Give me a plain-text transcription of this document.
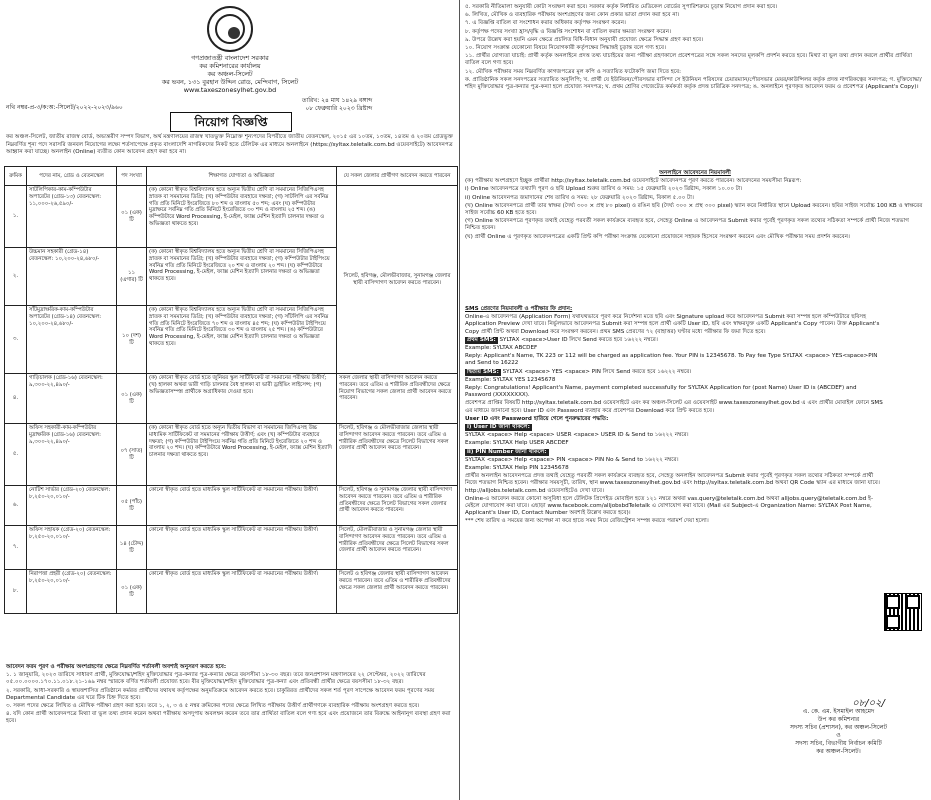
গণপ্রজাতন্ত্রী বাংলাদেশ সরকার
কর কমিশনারের কার্যালয়
কর অঞ্চল-সিলেট
কর ভবন, ১৩১ বুরহান উদ্দিন রোড, মেন্দিবাগ, সিলেট
www.taxeszonesylhet.gov.bd
নথি নম্বর-প্র-৩/ক:অ:-সিলেট/২০২২-২০২৩/৯৬০
তারিখ: ২৪ মাঘ ১৪২৯ বঙ্গাব্দ
০৮ ফেব্রুয়ারি ২০২৩ খ্রিষ্টাব্দ
নিয়োগ বিজ্ঞপ্তি
কর অঞ্চল-সিলেট, জাতীয় রাজস্ব বোর্ড, অভ্যন্তরীণ সম্পদ বিভাগ, অর্থ মন্ত্রণালয়ের রাজস্ব খাতভুক্ত নিম্নোক্ত শূন্যপদের বিপরীতে জাতীয় বেতনস্কেল, ২০১৫ এর ১০তম, ১৩তম, ১৪তম ও ২০তম গ্রেডভুক্ত নিম্নবর্ণিত শূন্য পদে সরাসরি জনবল নিয়োগের লক্ষ্যে শর্তসাপেক্ষে প্রকৃত বাংলাদেশি নাগরিকদের নিকট হতে টেলিটক এর মাধ্যমে অনলাইনে (https://syltax.teletalk.com.bd ওয়েবসাইটে) আবেদনপত্র আহ্বান করা যাচ্ছে। অনলাইন (Online) ব্যতীত কোন আবেদন গ্রহণ করা হবে না।
ক্রমিক	পদের নাম, গ্রেড ও বেতনস্কেল	পদ সংখ্যা	শিক্ষাগত যোগ্যতা ও অভিজ্ঞতা	যে সকল জেলার প্রার্থীগণ আবেদন করতে পারবেন
১.	সাটলিপিকার-কাম-কম্পিউটার অপারেটর (গ্রেড-১৩) বেতনস্কেল: ১১,০০০-২৬,৫৯০/-	০১ (এক) টি	(ক) কোনো স্বীকৃত বিশ্ববিদ্যালয় হতে অন্যূন দ্বিতীয় শ্রেণি বা সমমানের সিজিপিএসহ স্নাতক বা সমমানের ডিগ্রি; (খ) কম্পিউটার ব্যবহারে দক্ষতা; (গ) সাটলিপি এর সর্বনিম্ন গতি প্রতি মিনিটে ইংরেজিতে ৮০ শব্দ ও বাংলায় ৫০ শব্দ; এবং (ঘ) কম্পিউটার মুদ্রাক্ষরে সর্বনিম্ন গতি প্রতি মিনিটে ইংরেজিতে ৩০ শব্দ ও বাংলায় ২৫ শব্দ। (ঙ) কম্পিউটারে Word Processing, ই-মেইল, ফ্যাক্স মেশিন ইত্যাদি চালনার দক্ষতা ও অভিজ্ঞতা থাকতে হবে।	সিলেট, হবিগঞ্জ, মৌলভীবাজার, সুনামগঞ্জ জেলার স্থায়ী বাসিন্দাগণ আবেদন করতে পারবেন।
২.	উচ্চমান সহকারী (গ্রেড-১৪) বেতনস্কেল: ১০,২০০-২৪,৬৮০/-	১১ (এগার) টি	(ক) কোনো স্বীকৃত বিশ্ববিদ্যালয় হতে অন্যূন দ্বিতীয় শ্রেণি বা সমমানের সিজিপিএসহ স্নাতক বা সমমানের ডিগ্রি; (খ) কম্পিউটার ব্যবহারে দক্ষতা; (গ) কম্পিউটার টাইপিংয়ে সর্বনিম্ন গতি প্রতি মিনিটে ইংরেজিতে ২০ শব্দ ও বাংলায় ২০ শব্দ। (ঘ) কম্পিউটারে Word Processing, ই-মেইল, ফ্যাক্স মেশিন ইত্যাদি চালনার দক্ষতা ও অভিজ্ঞতা থাকতে হবে।	
৩.	সাঁটমুদ্রাক্ষরিক-কাম-কম্পিউটার অপারেটর (গ্রেড-১৪) বেতনস্কেল: ১০,২০০-২৪,৬৮০/-	১০ (দশ) টি	(ক) কোনো স্বীকৃত বিশ্ববিদ্যালয় হতে অন্যূন দ্বিতীয় শ্রেণি বা সমমানের সিজিপিএসহ স্নাতক বা সমমানের ডিগ্রি; (খ) কম্পিউটার ব্যবহারে দক্ষতা; (গ) সাঁটলিপি এর সর্বনিম্ন গতি প্রতি মিনিটে ইংরেজিতে ৭০ শব্দ ও বাংলায় ৪৫ শব্দ; (ঘ) কম্পিউটার টাইপিংয়ে সর্বনিম্ন গতি প্রতি মিনিটে ইংরেজিতে ৩০ শব্দ ও বাংলায় ২৫ শব্দ। (ঙ) কম্পিউটারে Word Processing, ই-মেইল, ফ্যাক্স মেশিন ইত্যাদি চালনার দক্ষতা ও অভিজ্ঞতা থাকতে হবে।	
৪.	গাড়িচালক (গ্রেড-১৬) বেতনস্কেল: ৯,৩০০-২২,৪৯০/-	০১ (এক) টি	(ক) কোনো স্বীকৃত বোর্ড হতে জুনিয়র স্কুল সার্টিফিকেট বা সমমানের পরীক্ষায় উত্তীর্ণ; (খ) হালকা অথবা ভারী গাড়ি চালনার বৈধ হালকা বা ভারী ড্রাইভিং লাইসেন্স; (গ) অভিজ্ঞতাসম্পন্ন প্রার্থীকে অগ্রাধিকার দেওয়া হবে।	সকল জেলার স্থায়ী বাসিন্দাগণ আবেদন করতে পারবেন। তবে এতিম ও শারীরিক প্রতিবন্ধীদের ক্ষেত্রে নিয়োগ বিভাগের সকল জেলার প্রার্থী আবেদন করতে পারবেন।
৫.	অফিস সহকারী-কাম-কম্পিউটার মুদ্রাক্ষরিক (গ্রেড-১৬) বেতনস্কেল: ৯,৩০০-২২,৪৯০/-	০৭ (সাত) টি	(ক) কোনো স্বীকৃত বোর্ড হতে অন্যূন দ্বিতীয় বিভাগ বা সমমানের জিপিএসহ উচ্চ মাধ্যমিক সার্টিফিকেট বা সমমানের পরীক্ষায় উত্তীর্ণ; এবং (খ) কম্পিউটার ব্যবহারে দক্ষতা; (গ) কম্পিউটার টাইপিংয়ে সর্বনিম্ন গতি প্রতি মিনিটে ইংরেজিতে ২০ শব্দ ও বাংলায় ২০ শব্দ। (ঘ) কম্পিউটারে Word Processing, ই-মেইল, ফ্যাক্স মেশিন ইত্যাদি চালনার দক্ষতা থাকতে হবে।	সিলেট, হবিগঞ্জ ও মৌলভীবাজার জেলার স্থায়ী বাসিন্দাগণ আবেদন করতে পারবেন। তবে এতিম ও শারীরিক প্রতিবন্ধীদের ক্ষেত্রে সিলেট বিভাগের সকল জেলার প্রার্থী আবেদন করতে পারবেন।
৬.	নোটিশ সার্ভার (গ্রেড-২০) বেতনস্কেল: ৮,২৫০-২০,০১০/-	০৫ (পাঁচ) টি	কোনো স্বীকৃত বোর্ড হতে মাধ্যমিক স্কুল সার্টিফিকেট বা সমমানের পরীক্ষায় উত্তীর্ণ।	সিলেট, হবিগঞ্জ ও সুনামগঞ্জ জেলার স্থায়ী বাসিন্দাগণ আবেদন করতে পারবেন। তবে এতিম ও শারীরিক প্রতিবন্ধীদের ক্ষেত্রে সিলেট বিভাগের সকল জেলার প্রার্থী আবেদন করতে পারবেন।
৭.	অফিস সহায়ক (গ্রেড-২০) বেতনস্কেল: ৮,২৫০-২০,০১০/-	১৪ (চৌদ্দ) টি	কোনো স্বীকৃত বোর্ড হতে মাধ্যমিক স্কুল সার্টিফিকেট বা সমমানের পরীক্ষায় উত্তীর্ণ।	সিলেট, মৌলভীবাজার ও সুনামগঞ্জ জেলার স্থায়ী বাসিন্দাগণ আবেদন করতে পারবেন। তবে এতিম ও শারীরিক প্রতিবন্ধীদের ক্ষেত্রে সিলেট বিভাগের সকল জেলার প্রার্থী আবেদন করতে পারবেন।
৮.	নিরাপত্তা প্রহরী (গ্রেড-২০) বেতনস্কেল: ৮,২৫০-২০,০১০/-	০১ (এক) টি	কোনো স্বীকৃত বোর্ড হতে মাধ্যমিক স্কুল সার্টিফিকেট বা সমমানের পরীক্ষায় উত্তীর্ণ।	সিলেট ও হবিগঞ্জ জেলার স্থায়ী বাসিন্দাগণ আবেদন করতে পারবেন। তবে এতিম ও শারীরিক প্রতিবন্ধীদের ক্ষেত্রে সকল জেলার প্রার্থী আবেদন করতে পারবেন।

আবেদন ফরম পূরণ ও পরীক্ষায় অংশগ্রহণের ক্ষেত্রে নিম্নবর্ণিত শর্তাবলী অবশ্যই অনুসরণ করতে হবে:

১. ১ জানুয়ারি, ২০২৩ তারিখে সাধারণ প্রার্থী, মুক্তিযোদ্ধা/শহিদ মুক্তিযোদ্ধার পুত্র-কন্যার পুত্র-কন্যার ক্ষেত্রে বয়সসীমা ১৮-৩০ বছর। তবে জনপ্রশাসন মন্ত্রণালয়ের ২২ সেপ্টেম্বর, ২০২২ তারিখের ০৫.০০.০০০০.১৭০.১১.০১৮.২১-১৬৯ নম্বর স্মারকে বর্ণিত শর্তাবলী প্রযোজ্য হবে। বীর মুক্তিযোদ্ধা/শহিদ মুক্তিযোদ্ধার পুত্র-কন্যা এবং প্রতিবন্ধী প্রার্থীর ক্ষেত্রে বয়সসীমা ১৮-৩২ বছর।

২. সরকারি, আধা-সরকারি ও স্বায়ত্তশাসিত প্রতিষ্ঠানে কর্মরত প্রার্থীদের যথাযথ কর্তৃপক্ষের অনুমতিক্রমে আবেদন করতে হবে। চাকুরিরত প্রার্থীদের সকল শর্ত পূরণ সাপেক্ষে আবেদন ফরম পূরণের সময় Departmental Candidate এর ঘরে টিক চিহ্ন দিতে হবে।

৩. সকল পদের ক্ষেত্রে লিখিত ও মৌখিক পরীক্ষা গ্রহণ করা হবে। তবে ১, ২, ৩ ও ৫ নম্বর ক্রমিকের পদের ক্ষেত্রে লিখিত পরীক্ষায় উত্তীর্ণ প্রার্থীগণকে ব্যবহারিক পরীক্ষায় অংশগ্রহণ করতে হবে।

৪. যদি কোন প্রার্থী আবেদনপত্রে মিথ্যা বা ভুল তথ্য প্রদান করেন অথবা পরীক্ষায় অসদুপায় অবলম্বন করেন তবে তার প্রার্থিতা বাতিল বলে গণ্য হবে এবং প্রয়োজনে তার বিরুদ্ধে আইনানুগ ব্যবস্থা গ্রহণ করা হবে।

৫. সরকারি নীতিমালা অনুযায়ী কোটা সংরক্ষণ করা হবে। সরকার কর্তৃক নির্ধারিত মেডিকেল বোর্ডের সুপারিশক্রমে চূড়ান্ত নিয়োগ প্রদান করা হবে।

৬. লিখিত, মৌখিক ও ব্যবহারিক পরীক্ষায় অংশগ্রহণের জন্য কোন প্রকার ভাতা প্রদান করা হবে না।

৭. এ বিজ্ঞপ্তি বাতিল বা সংশোধন করার অধিকার কর্তৃপক্ষ সংরক্ষণ করেন।

৮. কর্তৃপক্ষ পদের সংখ্যা হ্রাস/বৃদ্ধি ও বিজ্ঞপ্তি সংশোধন বা বাতিল করার ক্ষমতা সংরক্ষণ করেন।

৯. উপরে উল্লেখ করা হয়নি এমন ক্ষেত্রে প্রচলিত বিধি-বিধান অনুযায়ী প্রযোজ্য ক্ষেত্রে সিদ্ধান্ত গ্রহণ করা হবে।

১০. নিয়োগ সংক্রান্ত যেকোনো বিষয়ে নিয়োগকারী কর্তৃপক্ষের সিদ্ধান্তই চূড়ান্ত বলে গণ্য হবে।

১১. প্রার্থীর যোগ্যতা যাচাই: প্রার্থী কর্তৃক অনলাইনে প্রদত্ত তথ্য যাচাইয়ের জন্য পরীক্ষা গ্রহণকালে প্রবেশপত্রের সঙ্গে সকল সনদের মূলকপি প্রদর্শন করতে হবে। মিথ্যা বা ভুল তথ্য প্রদান করলে প্রার্থীর প্রার্থিতা বাতিল বলে গণ্য হবে।

১২. মৌখিক পরীক্ষার সময় নিম্নবর্ণিত কাগজপত্রের মূল কপি ও সত্যায়িত ফটোকপি জমা দিতে হবে:

ক. প্রাতিষ্ঠানিক সকল সনদপত্রের সত্যায়িত অনুলিপি; খ. প্রার্থী যে ইউনিয়ন/পৌরসভার বাসিন্দা সে ইউনিয়ন পরিষদের চেয়ারম্যান/পৌরসভার মেয়র/কাউন্সিলর কর্তৃক প্রদত্ত নাগরিকত্বের সনদপত্র; গ. মুক্তিযোদ্ধা/শহিদ মুক্তিযোদ্ধার পুত্র-কন্যার পুত্র-কন্যা হলে প্রযোজ্য সনদপত্র; ঘ. প্রথম শ্রেণির গেজেটেড কর্মকর্তা কর্তৃক প্রদত্ত চারিত্রিক সনদপত্র; ঙ. অনলাইনে পূরণকৃত আবেদন ফরম ও প্রবেশপত্র (Applicant's Copy)।

অনলাইনে আবেদনের নিয়মাবলী

(ক) পরীক্ষায় অংশগ্রহণে ইচ্ছুক প্রার্থীরা http://syltax.teletalk.com.bd ওয়েবসাইটে আবেদনপত্র পূরণ করতে পারবেন। আবেদনের সময়সীমা নিম্নরূপ:

i) Online আবেদনপত্রে তথ্যাদি পূরণ ও ছবি Upload শুরুর তারিখ ও সময়: ১৫ ফেব্রুয়ারি ২০২৩ খ্রিষ্টাব্দ, সকাল ১০.০০ টা।

ii) Online আবেদনপত্র জমাদানের শেষ তারিখ ও সময়: ২৮ ফেব্রুয়ারি ২০২৩ খ্রিষ্টাব্দ, বিকাল ৫.০০ টা।

(খ) Online আবেদনপত্রে প্রার্থী তার স্বাক্ষর (দৈর্ঘ্য ৩০০ × প্রস্থ ৮০ pixel) ও রঙিন ছবি (দৈর্ঘ্য ৩০০ × প্রস্থ ৩০০ pixel) স্ক্যান করে নির্ধারিত স্থানে Upload করবেন। ছবির সাইজ সর্বোচ্চ 100 KB ও স্বাক্ষরের সাইজ সর্বোচ্চ 60 KB হতে হবে।

(গ) Online আবেদনপত্রে পূরণকৃত তথ্যই যেহেতু পরবর্তী সকল কার্যক্রমে ব্যবহৃত হবে, সেহেতু Online এ আবেদনপত্র Submit করার পূর্বেই পূরণকৃত সকল তথ্যের সঠিকতা সম্পর্কে প্রার্থী নিজে শতভাগ নিশ্চিত হবেন।

(ঘ) প্রার্থী Online এ পূরণকৃত আবেদনপত্রের একটি প্রিন্ট কপি পরীক্ষা সংক্রান্ত যেকোনো প্রয়োজনে সহায়ক হিসেবে সংরক্ষণ করবেন এবং মৌখিক পরীক্ষার সময় প্রদর্শন করবেন।

SMS প্রেরণের নিয়মাবলী ও পরীক্ষার ফি প্রদান:

Online-এ আবেদনপত্র (Application Form) যথাযথভাবে পূরণ করে নির্দেশনা মতে ছবি এবং Signature upload করে আবেদনপত্র Submit করা সম্পন্ন হলে কম্পিউটারে ছবিসহ Application Preview দেখা যাবে। নির্ভুলভাবে আবেদনপত্র Submit করা সম্পন্ন হলে প্রার্থী একটি User ID, ছবি এবং স্বাক্ষরযুক্ত একটি Applicant's Copy পাবেন। উক্ত Applicant's Copy প্রার্থী প্রিন্ট অথবা Download করে সংরক্ষণ করবেন। প্রথম SMS প্রেরণের ৭২ (বাহাত্তর) ঘণ্টার মধ্যে পরীক্ষার ফি জমা দিতে হবে।

প্রথম SMS: SYLTAX <space>User ID লিখে Send করতে হবে ১৬২২২ নম্বরে।

Example: SYLTAX ABCDEF

Reply: Applicant's Name, TK 223 or 112 will be charged as application fee. Your PIN is 12345678. To Pay fee Type SYLTAX <space> YES<space>PIN and Send to 16222

দ্বিতীয় SMS: SYLTAX <space> YES <space> PIN লিখে Send করতে হবে ১৬২২২ নম্বরে।

Example: SYLTAX YES 12345678

Reply: Congratulations! Applicant's Name, payment completed successfully for SYLTAX Application for (post Name) User ID is (ABCDEF) and Password (XXXXXXXX).

প্রবেশপত্র প্রাপ্তির বিষয়টি http://syltax.teletalk.com.bd ওয়েবসাইটে এবং কর অঞ্চল-সিলেট এর ওয়েবসাইট www.taxeszonesylhet.gov.bd এ এবং প্রার্থীর মোবাইল ফোনে SMS এর মাধ্যমে জানানো হবে। User ID এবং Password ব্যবহার করে প্রবেশপত্র Download করে প্রিন্ট করতে হবে।

User ID এবং Password হারিয়ে গেলে পুনরুদ্ধারের পদ্ধতি:

i) User ID জানা থাকলে:

SYLTAX <space> Help <space> USER <space> USER ID & Send to ১৬২২২ নম্বরে।

Example: SYLTAX Help USER ABCDEF

ii) PIN Number জানা থাকলে:

SYLTAX <space> Help <space> PIN <space> PIN No & Send to ১৬২২২ নম্বরে।

Example: SYLTAX Help PIN 12345678

প্রার্থীর অনলাইন আবেদনপত্রে প্রদত্ত তথ্যই যেহেতু পরবর্তী সকল কার্যক্রমে ব্যবহৃত হবে, সেহেতু অনলাইন আবেদনপত্র Submit করার পূর্বেই পূরণকৃত সকল তথ্যের সঠিকতা সম্পর্কে প্রার্থী নিজে শতভাগ নিশ্চিত হবেন। পরীক্ষার সময়সূচী, তারিখ, স্থান www.taxeszonesylhet.gov.bd এবং http://syltax.teletalk.com.bd অথবা QR Code স্ক্যান এর মাধ্যমে জানা যাবে। http://alljobs.teletalk.com.bd ওয়েবসাইটেও দেখা যাবে।

Online-এ আবেদন করতে কোনো অসুবিধা হলে টেলিটক প্রিপেইড মোবাইল হতে ১২১ নম্বরে অথবা vas.query@teletalk.com.bd অথবা alljobs.query@teletalk.com.bd ই-মেইলে যোগাযোগ করা যাবে। এছাড়া www.facebook.com/alljobsbdTeletalk এ যোগাযোগ করা যাবে। (Mail এর Subject-এ Organization Name: SYLTAX Post Name, Applicant's User ID, Contact Number অবশ্যই উল্লেখ করতে হবে)।

*** শেষ তারিখ ও সময়ের জন্য অপেক্ষা না করে হাতে সময় নিয়ে রেজিস্ট্রেশন সম্পন্ন করতে পরামর্শ দেয়া হলো।

০৮/০২/
এ. কে. এম. ইসমাইল আহমেদ
উপ কর কমিশনার
সদস্য সচিব (প্রশাসন), কর অঞ্চল-সিলেট
ও
সদস্য সচিব, বিভাগীয় নির্বাচন কমিটি
কর অঞ্চল-সিলেট।
